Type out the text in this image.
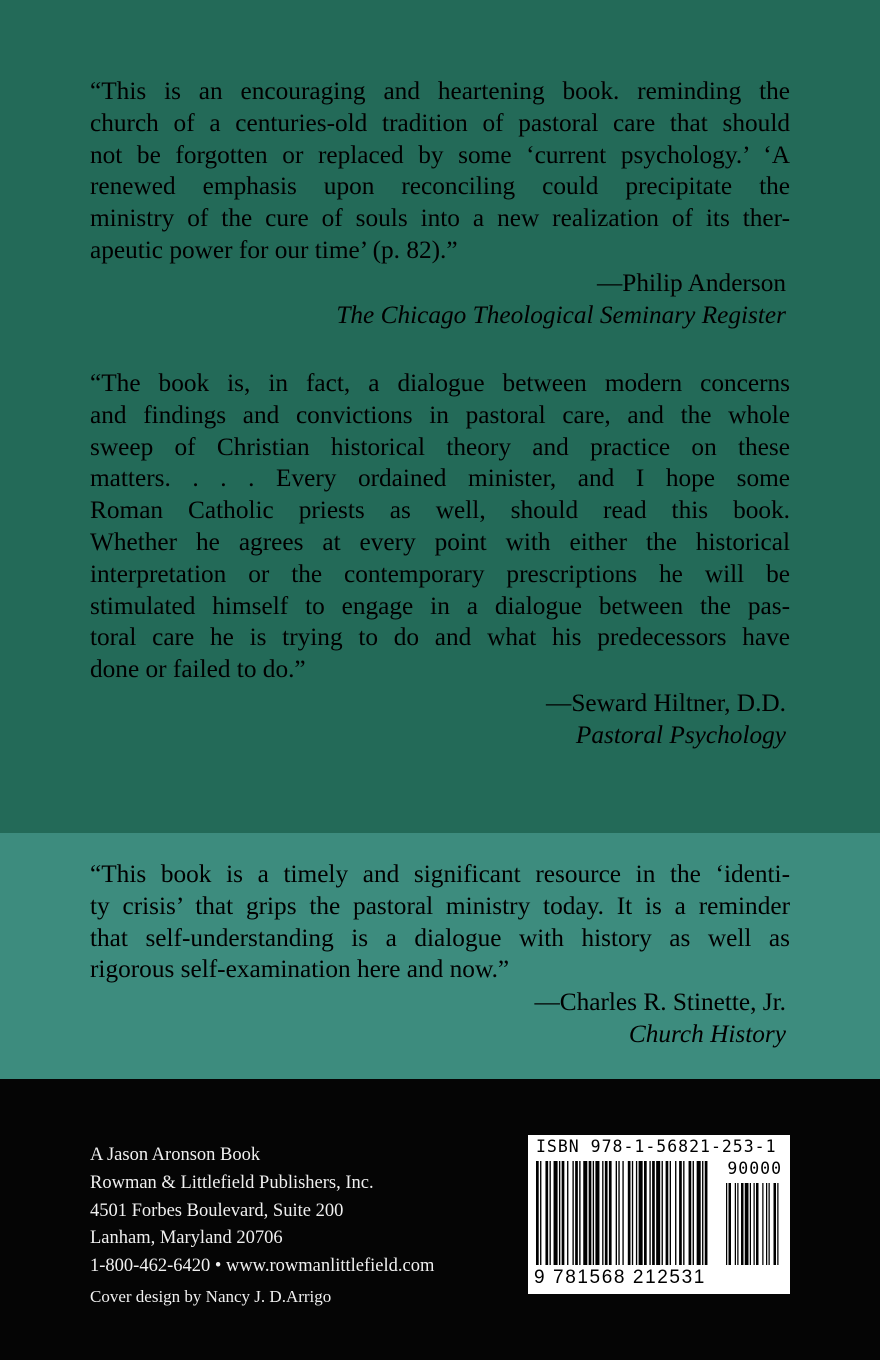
“This is an encouraging and heartening book. reminding the
church of a centuries-old tradition of pastoral care that should
not be forgotten or replaced by some ‘current psychology.’ ‘A
renewed emphasis upon reconciling could precipitate the
ministry of the cure of souls into a new realization of its ther-
apeutic power for our time’ (p. 82).”

—Philip Anderson
The Chicago Theological Seminary Register

“The book is, in fact, a dialogue between modern concerns
and findings and convictions in pastoral care, and the whole
sweep of Christian historical theory and practice on these
matters. . . . Every ordained minister, and I hope some
Roman Catholic priests as well, should read this book.
Whether he agrees at every point with either the historical
interpretation or the contemporary prescriptions he will be
stimulated himself to engage in a dialogue between the pas-
toral care he is trying to do and what his predecessors have
done or failed to do.”

—Seward Hiltner, D.D.
Pastoral Psychology

“This book is a timely and significant resource in the ‘identi-
ty crisis’ that grips the pastoral ministry today. It is a reminder
that self-understanding is a dialogue with history as well as
rigorous self-examination here and now.”

—Charles R. Stinette, Jr.
Church History

A Jason Aronson Book
Rowman & Littlefield Publishers, Inc.
4501 Forbes Boulevard, Suite 200
Lanham, Maryland 20706
1-800-462-6420 • www.rowmanlittlefield.com
Cover design by Nancy J. D.Arrigo
ISBN 978-1-56821-253-1
90000
9 781568 212531
